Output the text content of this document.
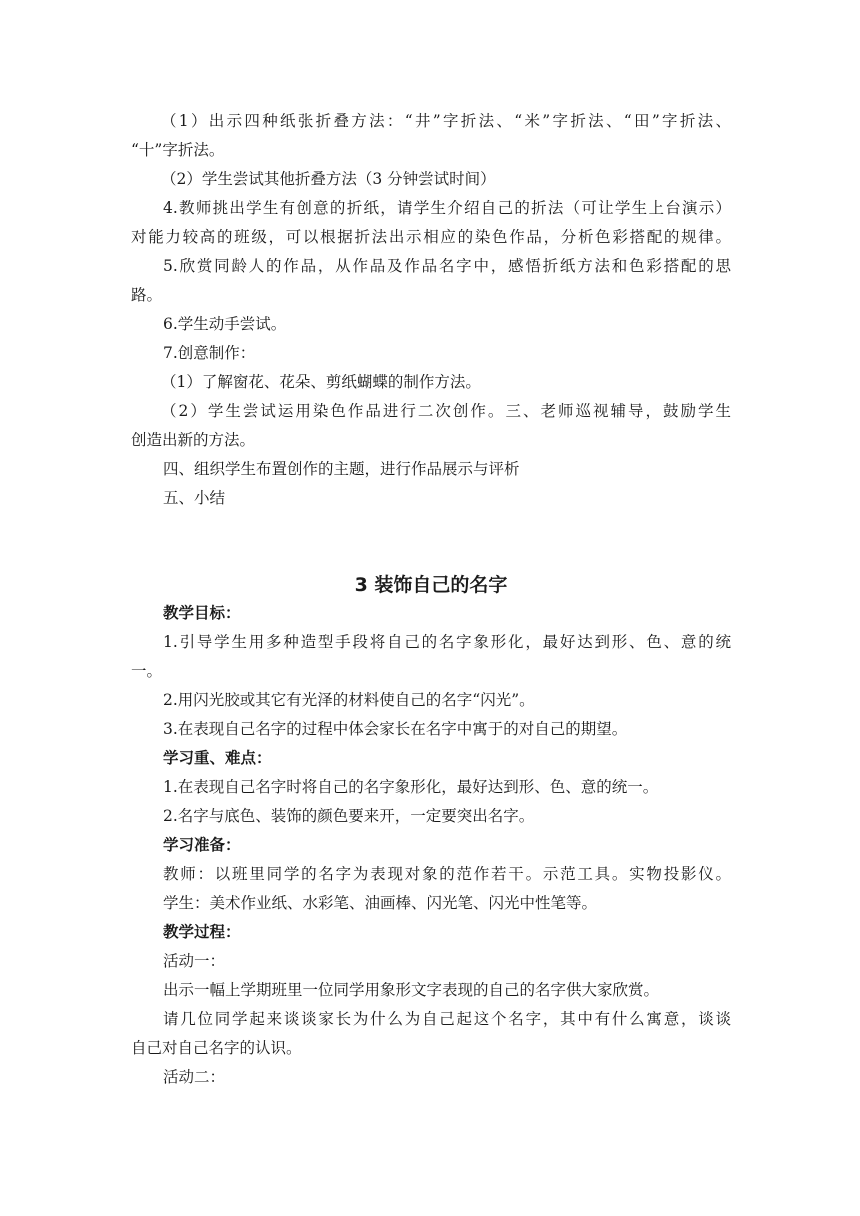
（1）出示四种纸张折叠方法：“井”字折法、“米”字折法、“田”字折法、
“十”字折法。
（2）学生尝试其他折叠方法（3 分钟尝试时间）
4.教师挑出学生有创意的折纸，请学生介绍自己的折法（可让学生上台演示）
对能力较高的班级，可以根据折法出示相应的染色作品，分析色彩搭配的规律。
5.欣赏同龄人的作品，从作品及作品名字中，感悟折纸方法和色彩搭配的思
路。
6.学生动手尝试。
7.创意制作：
（1）了解窗花、花朵、剪纸蝴蝶的制作方法。
（2）学生尝试运用染色作品进行二次创作。三、老师巡视辅导，鼓励学生
创造出新的方法。
四、组织学生布置创作的主题，进行作品展示与评析
五、小结
3 装饰自己的名字
教学目标：
1.引导学生用多种造型手段将自己的名字象形化，最好达到形、色、意的统
一。
2.用闪光胶或其它有光泽的材料使自己的名字“闪光”。
3.在表现自己名字的过程中体会家长在名字中寓于的对自己的期望。
学习重、难点：
1.在表现自己名字时将自己的名字象形化，最好达到形、色、意的统一。
2.名字与底色、装饰的颜色要来开，一定要突出名字。
学习准备：
教师：以班里同学的名字为表现对象的范作若干。示范工具。实物投影仪。
学生：美术作业纸、水彩笔、油画棒、闪光笔、闪光中性笔等。
教学过程：
活动一：
出示一幅上学期班里一位同学用象形文字表现的自己的名字供大家欣赏。
请几位同学起来谈谈家长为什么为自己起这个名字，其中有什么寓意，谈谈
自己对自己名字的认识。
活动二：
